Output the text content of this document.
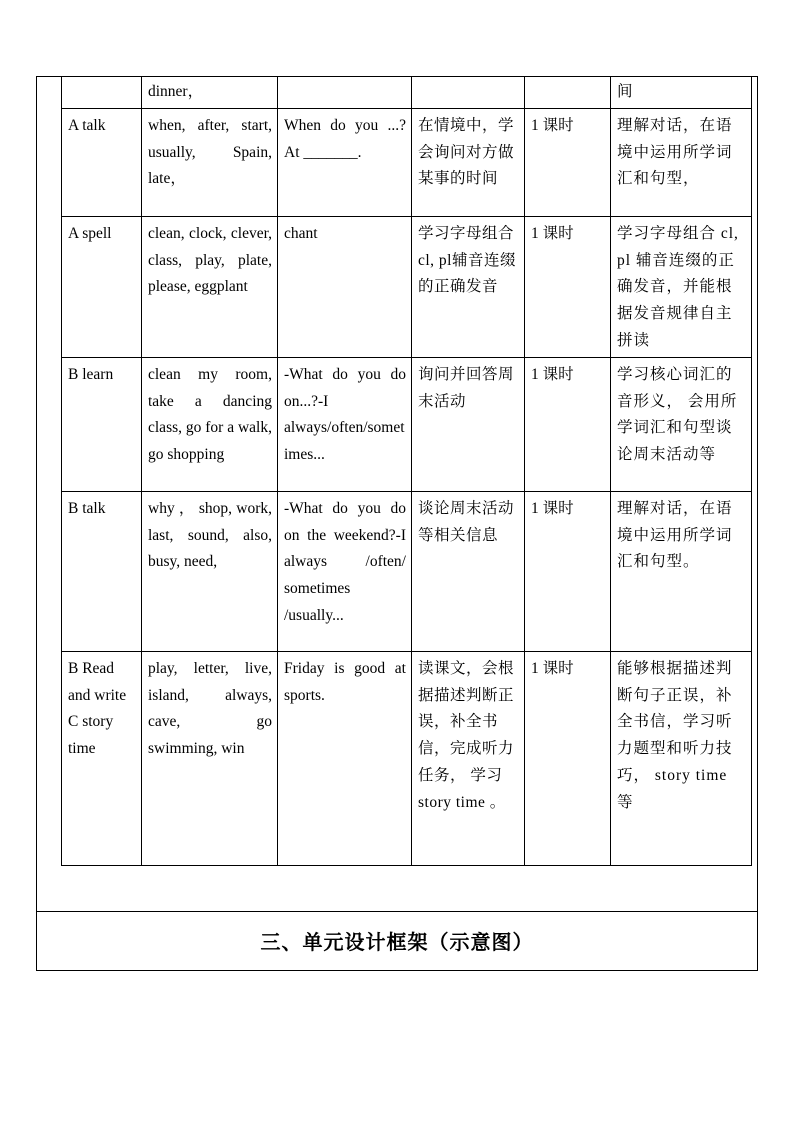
	dinner，				间
A talk	when, after, start, usually, Spain, late，	When do you ...? At _______.	在情境中，学会询问对方做某事的时间	1 课时	理解对话，在语境中运用所学词汇和句型，
A spell	clean, clock, clever, class, play, plate, please, eggplant	chant	学习字母组合cl, pl辅音连缀的正确发音	1 课时	学习字母组合 cl, pl 辅音连缀的正确发音，并能根据发音规律自主拼读
B learn	clean my room, take a dancing class, go for a walk, go shopping	-What do you do on...?-I always/often/sometimes...	询问并回答周末活动	1 课时	学习核心词汇的音形义， 会用所学词汇和句型谈论周末活动等
B talk	why ， shop, work, last, sound, also, busy, need,	-What do you do on the weekend?-I always /often/ sometimes /usually...	谈论周末活动等相关信息	1 课时	理解对话，在语境中运用所学词汇和句型。
B Read and write C story time	play, letter, live, island, always, cave, go swimming, win	Friday is good at sports.	读课文，会根据描述判断正误，补全书信，完成听力任务， 学习 story time 。	1 课时	能够根据描述判断句子正误，补全书信，学习听力题型和听力技巧， story time 等
三、单元设计框架（示意图）
